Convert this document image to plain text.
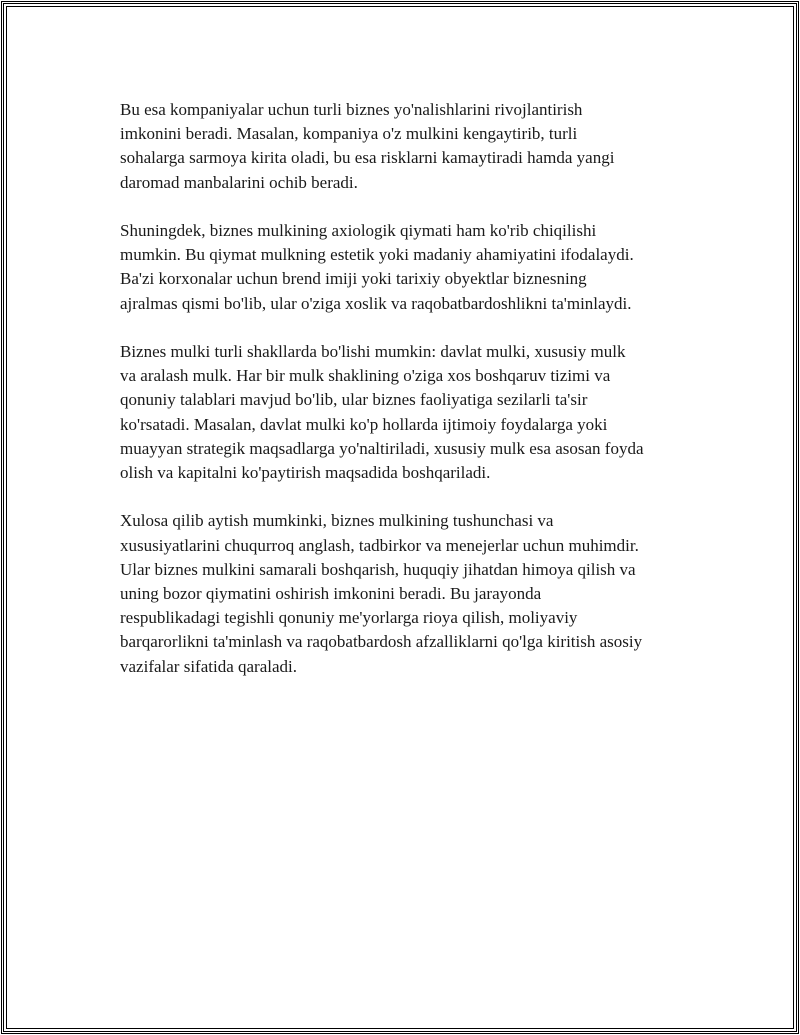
Bu esa kompaniyalar uchun turli biznes yo'nalishlarini rivojlantirish
imkonini beradi. Masalan, kompaniya o'z mulkini kengaytirib, turli
sohalarga sarmoya kirita oladi, bu esa risklarni kamaytiradi hamda yangi
daromad manbalarini ochib beradi.

Shuningdek, biznes mulkining axiologik qiymati ham ko'rib chiqilishi
mumkin. Bu qiymat mulkning estetik yoki madaniy ahamiyatini ifodalaydi.
Ba'zi korxonalar uchun brend imiji yoki tarixiy obyektlar biznesning
ajralmas qismi bo'lib, ular o'ziga xoslik va raqobatbardoshlikni ta'minlaydi.

Biznes mulki turli shakllarda bo'lishi mumkin: davlat mulki, xususiy mulk
va aralash mulk. Har bir mulk shaklining o'ziga xos boshqaruv tizimi va
qonuniy talablari mavjud bo'lib, ular biznes faoliyatiga sezilarli ta'sir
ko'rsatadi. Masalan, davlat mulki ko'p hollarda ijtimoiy foydalarga yoki
muayyan strategik maqsadlarga yo'naltiriladi, xususiy mulk esa asosan foyda
olish va kapitalni ko'paytirish maqsadida boshqariladi.

Xulosa qilib aytish mumkinki, biznes mulkining tushunchasi va
xususiyatlarini chuqurroq anglash, tadbirkor va menejerlar uchun muhimdir.
Ular biznes mulkini samarali boshqarish, huquqiy jihatdan himoya qilish va
uning bozor qiymatini oshirish imkonini beradi. Bu jarayonda
respublikadagi tegishli qonuniy me'yorlarga rioya qilish, moliyaviy
barqarorlikni ta'minlash va raqobatbardosh afzalliklarni qo'lga kiritish asosiy
vazifalar sifatida qaraladi.
